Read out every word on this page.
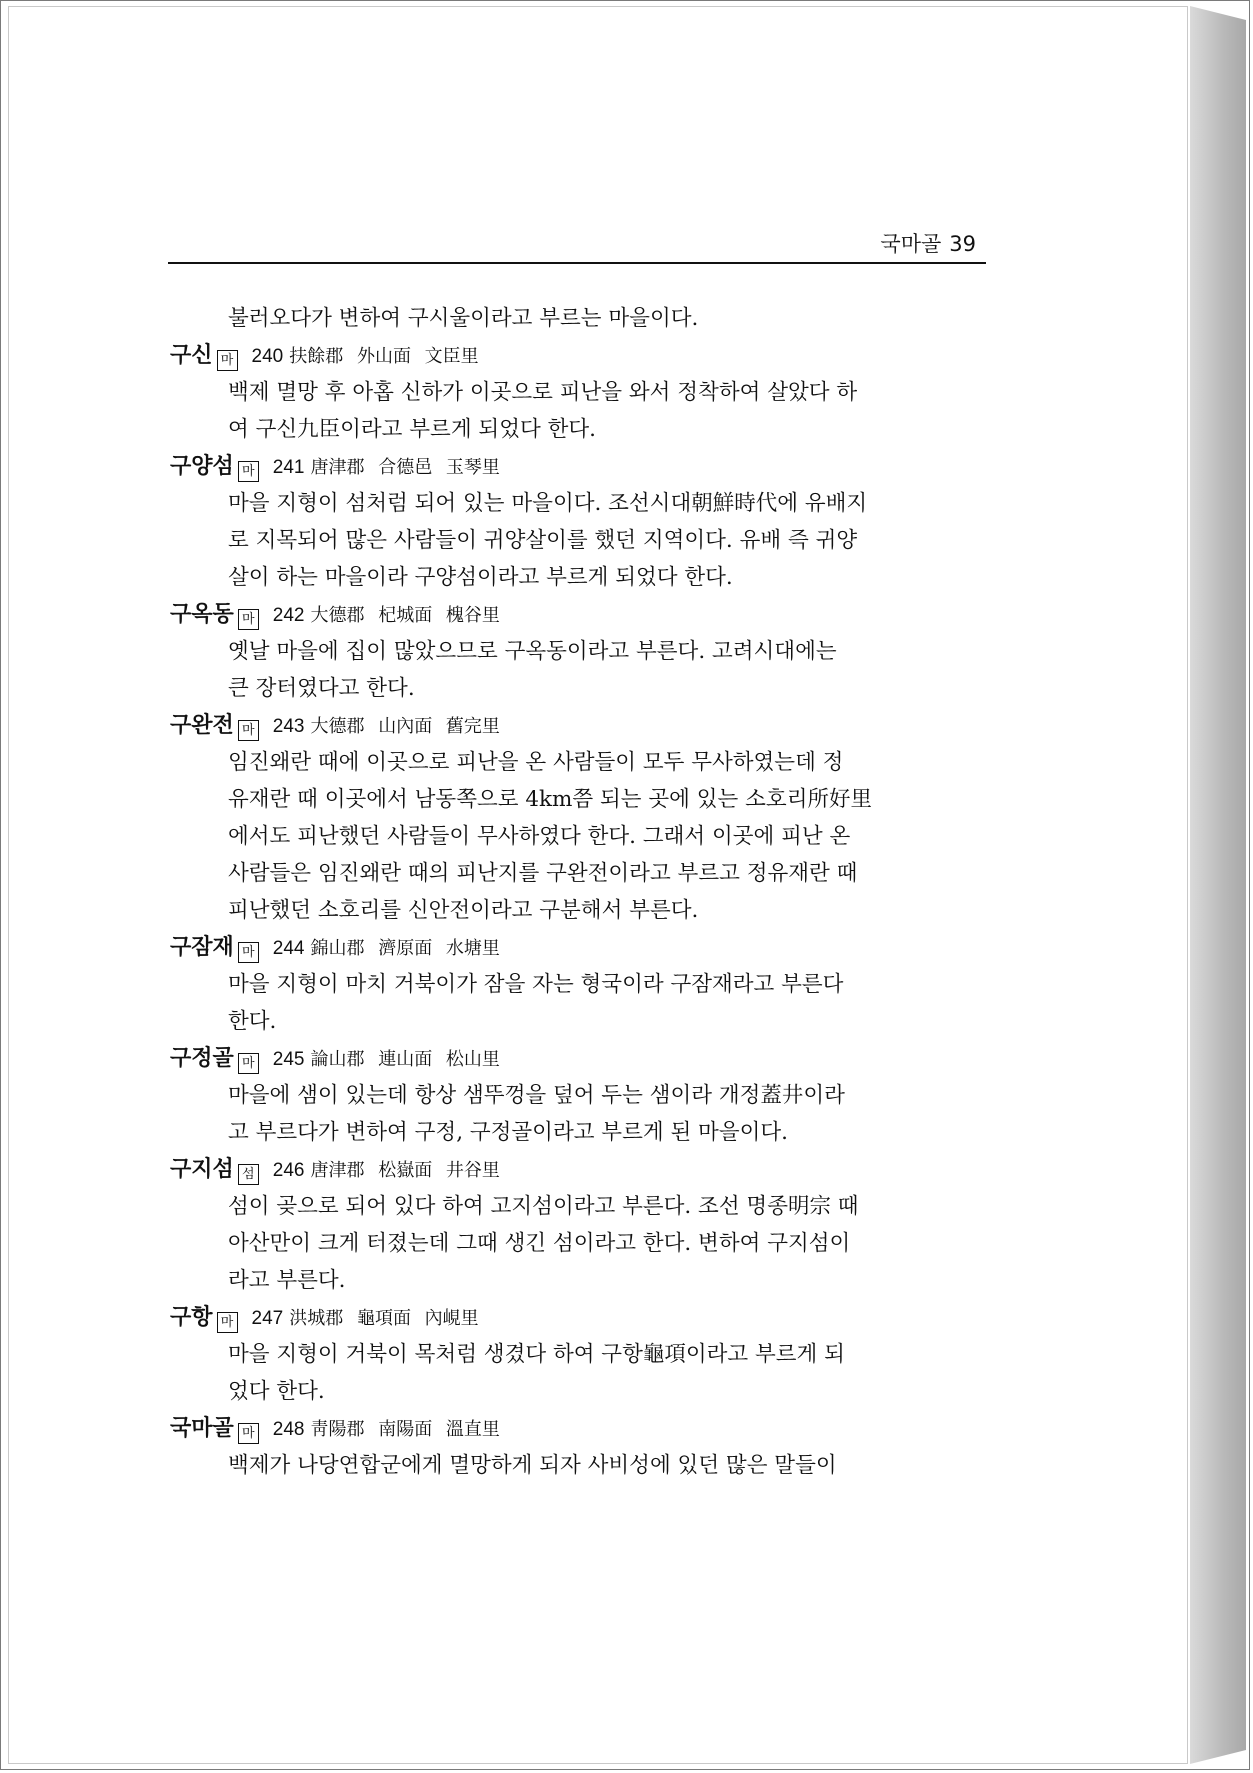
국마골 39
불러오다가 변하여 구시울이라고 부르는 마을이다.
구신 마 240 扶餘郡 外山面 文臣里
백제 멸망 후 아홉 신하가 이곳으로 피난을 와서 정착하여 살았다 하
여 구신九臣이라고 부르게 되었다 한다.
구양섬 마 241 唐津郡 合德邑 玉琴里
마을 지형이 섬처럼 되어 있는 마을이다. 조선시대朝鮮時代에 유배지
로 지목되어 많은 사람들이 귀양살이를 했던 지역이다. 유배 즉 귀양
살이 하는 마을이라 구양섬이라고 부르게 되었다 한다.
구옥동 마 242 大德郡 杞城面 槐谷里
옛날 마을에 집이 많았으므로 구옥동이라고 부른다. 고려시대에는
큰 장터였다고 한다.
구완전 마 243 大德郡 山內面 舊完里
임진왜란 때에 이곳으로 피난을 온 사람들이 모두 무사하였는데 정
유재란 때 이곳에서 남동쪽으로 4km쯤 되는 곳에 있는 소호리所好里
에서도 피난했던 사람들이 무사하였다 한다. 그래서 이곳에 피난 온
사람들은 임진왜란 때의 피난지를 구완전이라고 부르고 정유재란 때
피난했던 소호리를 신안전이라고 구분해서 부른다.
구잠재 마 244 錦山郡 濟原面 水塘里
마을 지형이 마치 거북이가 잠을 자는 형국이라 구잠재라고 부른다
한다.
구정골 마 245 論山郡 連山面 松山里
마을에 샘이 있는데 항상 샘뚜껑을 덮어 두는 샘이라 개정蓋井이라
고 부르다가 변하여 구정, 구정골이라고 부르게 된 마을이다.
구지섬 섬 246 唐津郡 松嶽面 井谷里
섬이 곶으로 되어 있다 하여 고지섬이라고 부른다. 조선 명종明宗 때
아산만이 크게 터졌는데 그때 생긴 섬이라고 한다. 변하여 구지섬이
라고 부른다.
구항 마 247 洪城郡 龜項面 內峴里
마을 지형이 거북이 목처럼 생겼다 하여 구항龜項이라고 부르게 되
었다 한다.
국마골 마 248 靑陽郡 南陽面 溫直里
백제가 나당연합군에게 멸망하게 되자 사비성에 있던 많은 말들이
